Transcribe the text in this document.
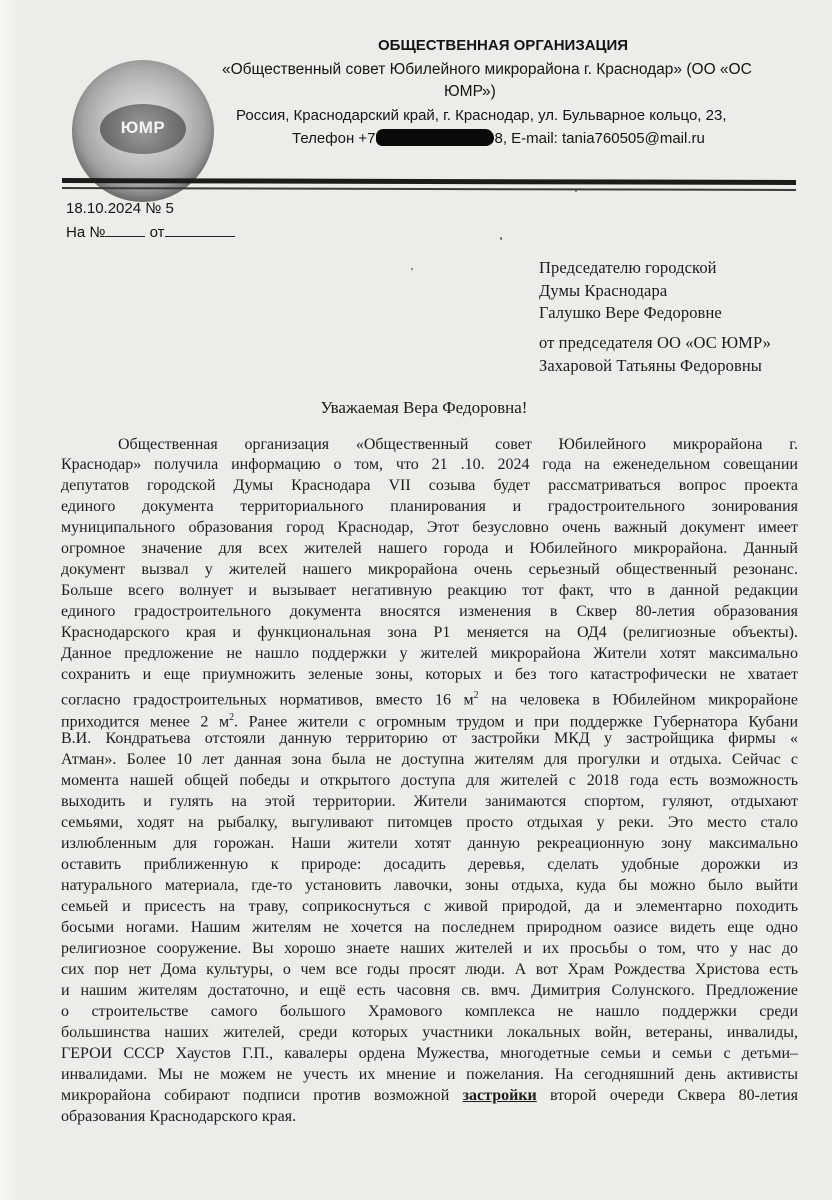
ЮМР
ОБЩЕСТВЕННАЯ ОРГАНИЗАЦИЯ
«Общественный совет Юбилейного микрорайона г. Краснодар» (ОО «ОС
ЮМР»)
Россия, Краснодарский край, г. Краснодар, ул. Бульварное кольцо, 23,
Телефон +7	8, E-mail: tania760505@mail.ru
18.10.2024 № 5
На №	от
Председателю городской
Думы Краснодара
Галушко Вере Федоровне
от председателя ОО «ОС ЮМР»
Захаровой Татьяны Федоровны
Уважаемая Вера Федоровна!
Общественная организация «Общественный совет Юбилейного микрорайона г.
Краснодар» получила информацию о том, что 21 .10. 2024 года на еженедельном совещании
депутатов городской Думы Краснодара VII созыва будет рассматриваться вопрос проекта
единого документа территориального планирования и градостроительного зонирования
муниципального образования город Краснодар, Этот безусловно очень важный документ имеет
огромное значение для всех жителей нашего города и Юбилейного микрорайона. Данный
документ вызвал у жителей нашего микрорайона очень серьезный общественный резонанс.
Больше всего волнует и вызывает негативную реакцию тот факт, что в данной редакции
единого градостроительного документа вносятся изменения в Сквер 80-летия образования
Краснодарского края и функциональная зона Р1 меняется на ОД4 (религиозные объекты).
Данное предложение не нашло поддержки у жителей микрорайона Жители хотят максимально
сохранить и еще приумножить зеленые зоны, которых и без того катастрофически не хватает
согласно градостроительных нормативов, вместо 16 $м^2$ на человека в Юбилейном микрорайоне
приходится менее 2 $м^2$. Ранее жители с огромным трудом и при поддержке Губернатора Кубани
В.И. Кондратьева отстояли данную территорию от застройки МКД у застройщика фирмы «
Атман». Более 10 лет данная зона была не доступна жителям для прогулки и отдыха. Сейчас с
момента нашей общей победы и открытого доступа для жителей с 2018 года есть возможность
выходить и гулять на этой территории. Жители занимаются спортом, гуляют, отдыхают
семьями, ходят на рыбалку, выгуливают питомцев просто отдыхая у реки. Это место стало
излюбленным для горожан. Наши жители хотят данную рекреационную зону максимально
оставить приближенную к природе: досадить деревья, сделать удобные дорожки из
натурального материала, где-то установить лавочки, зоны отдыха, куда бы можно было выйти
семьей и присесть на траву, соприкоснуться с живой природой, да и элементарно походить
босыми ногами. Нашим жителям не хочется на последнем природном оазисе видеть еще одно
религиозное сооружение. Вы хорошо знаете наших жителей и их просьбы о том, что у нас до
сих пор нет Дома культуры, о чем все годы просят люди. А вот Храм Рождества Христова есть
и нашим жителям достаточно, и ещё есть часовня св. вмч. Димитрия Солунского. Предложение
о строительстве самого большого Храмового комплекса не нашло поддержки среди
большинства наших жителей, среди которых участники локальных войн, ветераны, инвалиды,
ГЕРОИ СССР Хаустов Г.П., кавалеры ордена Мужества, многодетные семьи и семьи с детьми–
инвалидами. Мы не можем не учесть их мнение и пожелания. На сегодняшний день активисты
микрорайона собирают подписи против возможной застройки второй очереди Сквера 80-летия
образования Краснодарского края.
